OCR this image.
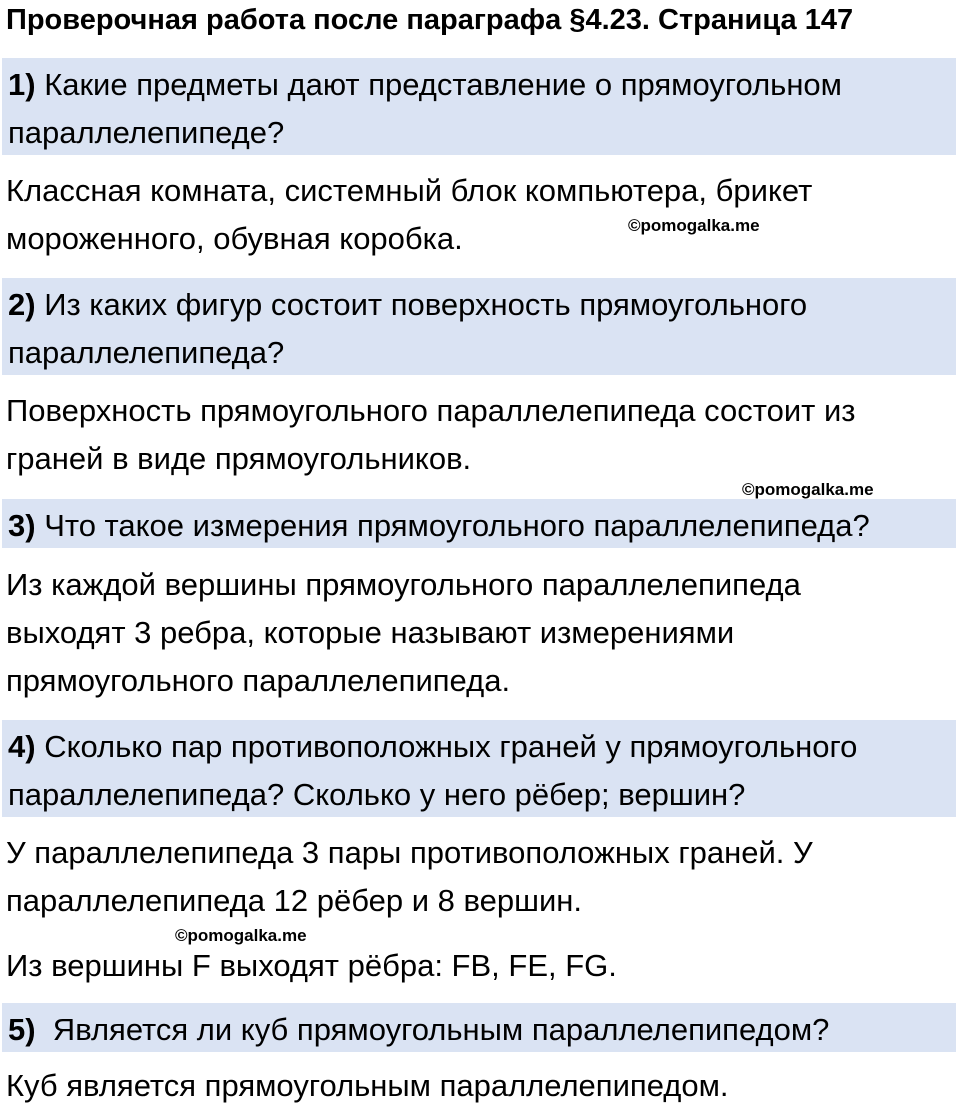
Проверочная работа после параграфа §4.23. Страница 147
1) Какие предметы дают представление о прямоугольном параллелепипеде?
Классная комната, системный блок компьютера, брикет мороженного, обувная коробка.	©pomogalka.me
2) Из каких фигур состоит поверхность прямоугольного параллелепипеда?
Поверхность прямоугольного параллелепипеда состоит из граней в виде прямоугольников.
©pomogalka.me
3) Что такое измерения прямоугольного параллелепипеда?
Из каждой вершины прямоугольного параллелепипеда выходят 3 ребра, которые называют измерениями прямоугольного параллелепипеда.
4) Сколько пар противоположных граней у прямоугольного параллелепипеда? Сколько у него рёбер; вершин?
У параллелепипеда 3 пары противоположных граней. У параллелепипеда 12 рёбер и 8 вершин.
©pomogalka.me
Из вершины F выходят рёбра: FB, FE, FG.
5)  Является ли куб прямоугольным параллелепипедом?
Куб является прямоугольным параллелепипедом.
